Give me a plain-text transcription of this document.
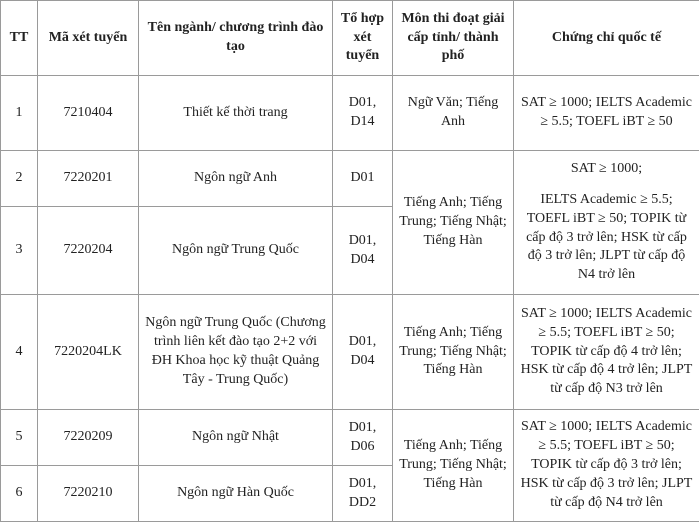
TT	Mã xét tuyển	Tên ngành/ chương trình đào tạo	Tổ hợp xét tuyển	Môn thi đoạt giải cấp tỉnh/ thành phố	Chứng chỉ quốc tế
1	7210404	Thiết kế thời trang	D01, D14	Ngữ Văn; Tiếng Anh	SAT ≥ 1000; IELTS Academic ≥ 5.5; TOEFL iBT ≥ 50
2	7220201	Ngôn ngữ Anh	D01	Tiếng Anh; Tiếng Trung; Tiếng Nhật; Tiếng Hàn	SAT ≥ 1000;
IELTS Academic ≥ 5.5; TOEFL iBT ≥ 50; TOPIK từ cấp độ 3 trở lên; HSK từ cấp độ 3 trở lên; JLPT từ cấp độ N4 trở lên

3	7220204	Ngôn ngữ Trung Quốc	D01, D04		
4	7220204LK	Ngôn ngữ Trung Quốc (Chương trình liên kết đào tạo 2+2 với ĐH Khoa học kỹ thuật Quảng Tây - Trung Quốc)	D01, D04	Tiếng Anh; Tiếng Trung; Tiếng Nhật; Tiếng Hàn	SAT ≥ 1000; IELTS Academic ≥ 5.5; TOEFL iBT ≥ 50; TOPIK từ cấp độ 4 trở lên; HSK từ cấp độ 4 trở lên; JLPT từ cấp độ N3 trở lên
5	7220209	Ngôn ngữ Nhật	D01, D06	Tiếng Anh; Tiếng Trung; Tiếng Nhật; Tiếng Hàn	SAT ≥ 1000; IELTS Academic ≥ 5.5; TOEFL iBT ≥ 50; TOPIK từ cấp độ 3 trở lên; HSK từ cấp độ 3 trở lên; JLPT từ cấp độ N4 trở lên
6	7220210	Ngôn ngữ Hàn Quốc	D01, DD2		
